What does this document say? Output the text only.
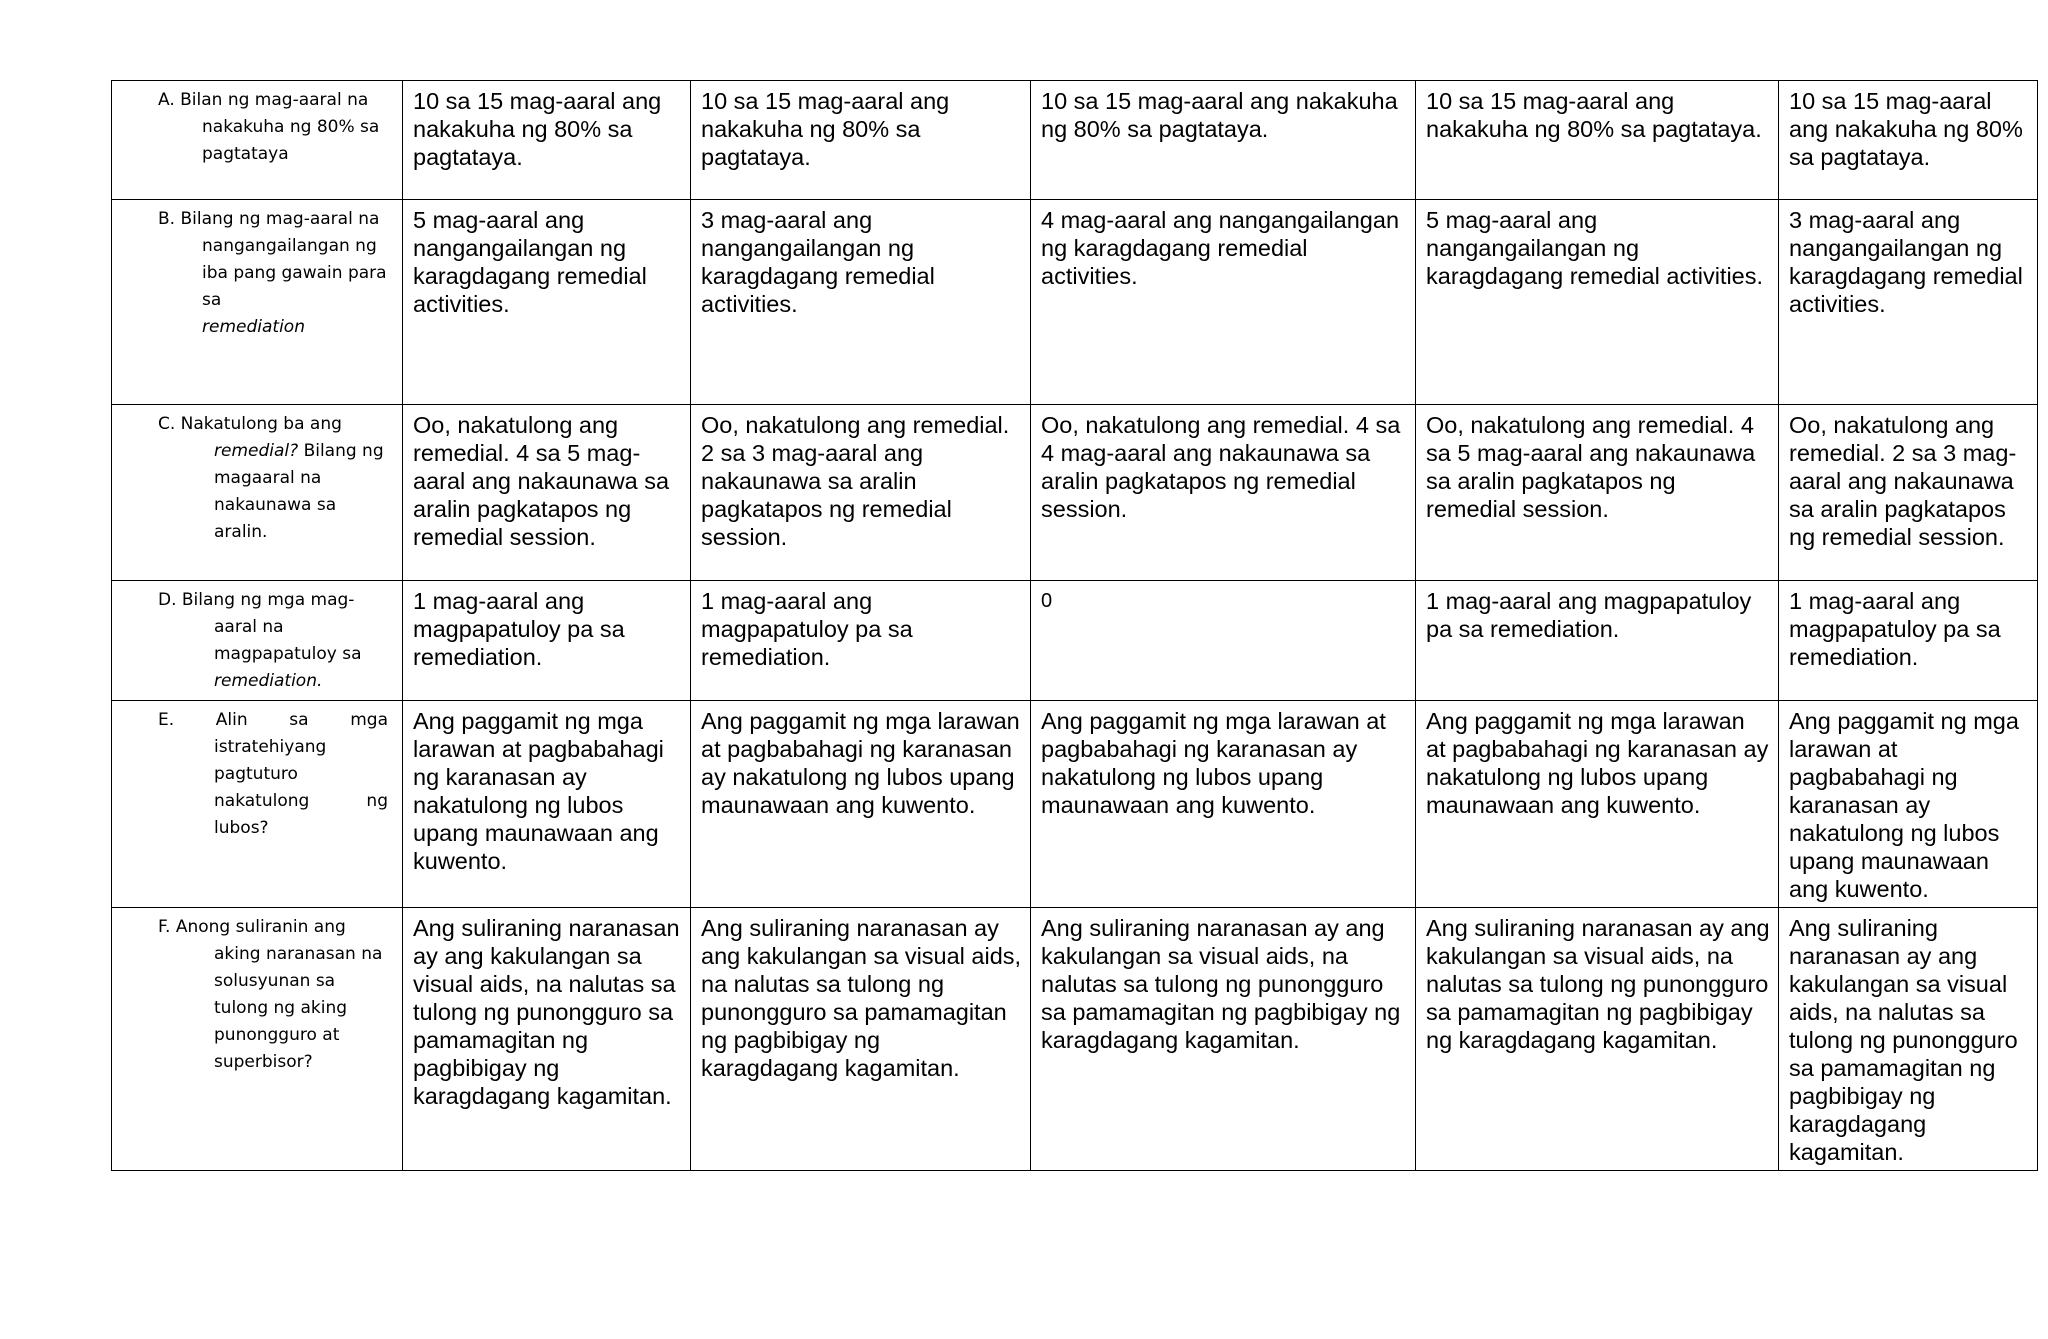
A. Bilan ng mag-aaral na nakakuha ng 80% sa pagtataya	10 sa 15 mag-aaral ang nakakuha ng 80% sa pagtataya.	10 sa 15 mag-aaral ang nakakuha ng 80% sa pagtataya.	10 sa 15 mag-aaral ang nakakuha ng 80% sa pagtataya.	10 sa 15 mag-aaral ang nakakuha ng 80% sa pagtataya.	10 sa 15 mag-aaral ang nakakuha ng 80% sa pagtataya.

B. Bilang ng mag-aaral na nangangailangan ng iba pang gawain para sa
remediation	5 mag-aaral ang nangangailangan ng karagdagang remedial activities.	3 mag-aaral ang nangangailangan ng karagdagang remedial activities.	4 mag-aaral ang nangangailangan ng karagdagang remedial activities.	5 mag-aaral ang nangangailangan ng karagdagang remedial activities.	3 mag-aaral ang nangangailangan ng karagdagang remedial activities.

C. Nakatulong ba ang remedial? Bilang ng magaaral na nakaunawa sa aralin.	Oo, nakatulong ang remedial. 4 sa 5 mag-aaral ang nakaunawa sa aralin pagkatapos ng remedial session.	Oo, nakatulong ang remedial. 2 sa 3 mag-aaral ang nakaunawa sa aralin pagkatapos ng remedial session.	Oo, nakatulong ang remedial. 4 sa 4 mag-aaral ang nakaunawa sa aralin pagkatapos ng remedial session.	Oo, nakatulong ang remedial. 4 sa 5 mag-aaral ang nakaunawa sa aralin pagkatapos ng remedial session.	Oo, nakatulong ang remedial. 2 sa 3 mag-aaral ang nakaunawa sa aralin pagkatapos ng remedial session.

D. Bilang ng mga mag-aaral na magpapatuloy sa
remediation.	1 mag-aaral ang magpapatuloy pa sa remediation.	1 mag-aaral ang magpapatuloy pa sa remediation.	0	1 mag-aaral ang magpapatuloy pa sa remediation.	1 mag-aaral ang magpapatuloy pa sa remediation.

E. Alin sa mga istratehiyang pagtuturo nakatulong ng lubos?	Ang paggamit ng mga larawan at pagbabahagi ng karanasan ay nakatulong ng lubos upang maunawaan ang kuwento.	Ang paggamit ng mga larawan at pagbabahagi ng karanasan ay nakatulong ng lubos upang maunawaan ang kuwento.	Ang paggamit ng mga larawan at pagbabahagi ng karanasan ay nakatulong ng lubos upang maunawaan ang kuwento.	Ang paggamit ng mga larawan at pagbabahagi ng karanasan ay nakatulong ng lubos upang maunawaan ang kuwento.	Ang paggamit ng mga larawan at pagbabahagi ng karanasan ay nakatulong ng lubos upang maunawaan ang kuwento.

F. Anong suliranin ang aking naranasan na solusyunan sa tulong ng aking punongguro at superbisor?	Ang suliraning naranasan ay ang kakulangan sa visual aids, na nalutas sa tulong ng punongguro sa pamamagitan ng pagbibigay ng karagdagang kagamitan.	Ang suliraning naranasan ay ang kakulangan sa visual aids, na nalutas sa tulong ng punongguro sa pamamagitan ng pagbibigay ng karagdagang kagamitan.	Ang suliraning naranasan ay ang kakulangan sa visual aids, na nalutas sa tulong ng punongguro sa pamamagitan ng pagbibigay ng karagdagang kagamitan.	Ang suliraning naranasan ay ang kakulangan sa visual aids, na nalutas sa tulong ng punongguro sa pamamagitan ng pagbibigay ng karagdagang kagamitan.	Ang suliraning naranasan ay ang kakulangan sa visual aids, na nalutas sa tulong ng punongguro sa pamamagitan ng pagbibigay ng karagdagang kagamitan.
